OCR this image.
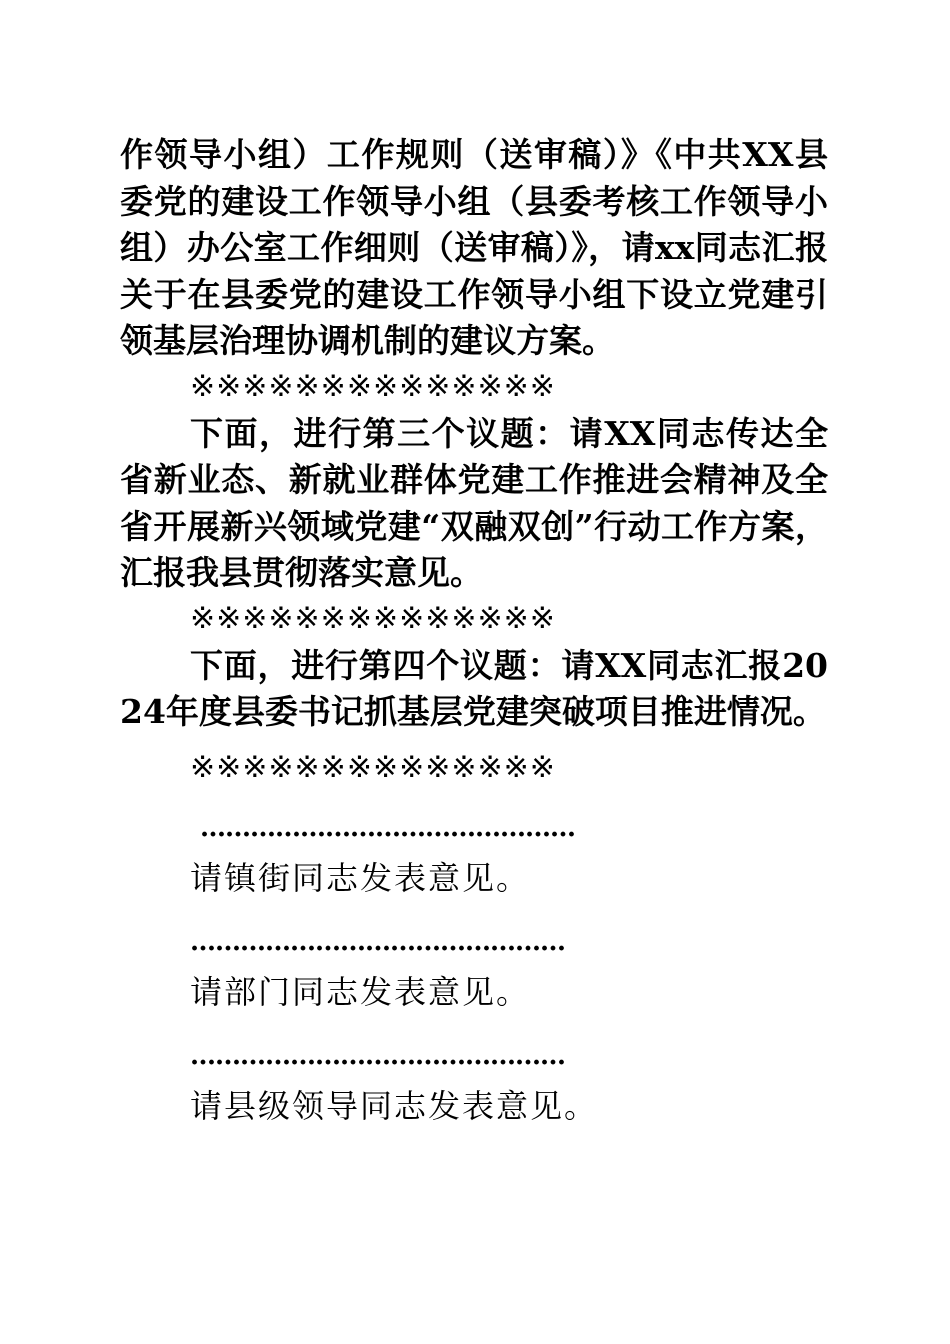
作领导小组）工作规则（送审稿）》《中共XX县委党的建设工作领导小组（县委考核工作领导小组）办公室工作细则（送审稿）》，请xx同志汇报关于在县委党的建设工作领导小组下设立党建引领基层治理协调机制的建议方案。

※※※※※※※※※※※※※※

下面，进行第三个议题：请XX同志传达全省新业态、新就业群体党建工作推进会精神及全省开展新兴领域党建“双融双创”行动工作方案，汇报我县贯彻落实意见。

※※※※※※※※※※※※※※

下面，进行第四个议题：请XX同志汇报2024年度县委书记抓基层党建突破项目推进情况。

※※※※※※※※※※※※※※

………………………………………

请镇街同志发表意见。

………………………………………

请部门同志发表意见。

………………………………………

请县级领导同志发表意见。
